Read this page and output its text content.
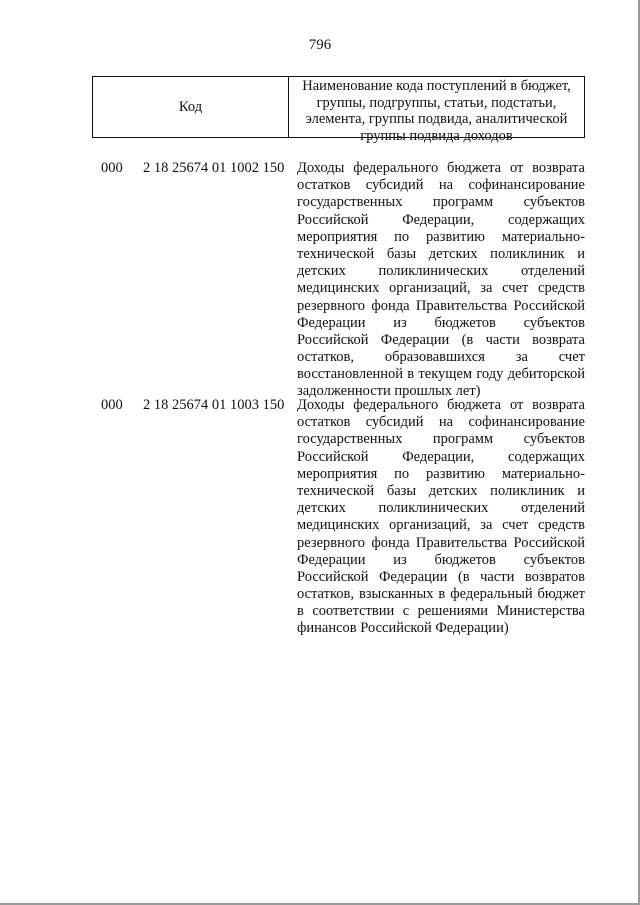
796
Код
Наименование кода поступлений в бюджет,
группы, подгруппы, статьи, подстатьи,
элемента, группы подвида, аналитической
группы подвида доходов
000 2 18 25674 01 1002 150 Доходы федерального бюджета от возврата
остатков субсидий на софинансирование
государственных программ субъектов
Российской Федерации, содержащих
мероприятия по развитию материально-
технической базы детских поликлиник и
детских поликлинических отделений
медицинских организаций, за счет средств
резервного фонда Правительства Российской
Федерации из бюджетов субъектов
Российской Федерации (в части возврата
остатков, образовавшихся за счет
восстановленной в текущем году дебиторской
задолженности прошлых лет)
000 2 18 25674 01 1003 150 Доходы федерального бюджета от возврата
остатков субсидий на софинансирование
государственных программ субъектов
Российской Федерации, содержащих
мероприятия по развитию материально-
технической базы детских поликлиник и
детских поликлинических отделений
медицинских организаций, за счет средств
резервного фонда Правительства Российской
Федерации из бюджетов субъектов
Российской Федерации (в части возвратов
остатков, взысканных в федеральный бюджет
в соответствии с решениями Министерства
финансов Российской Федерации)
